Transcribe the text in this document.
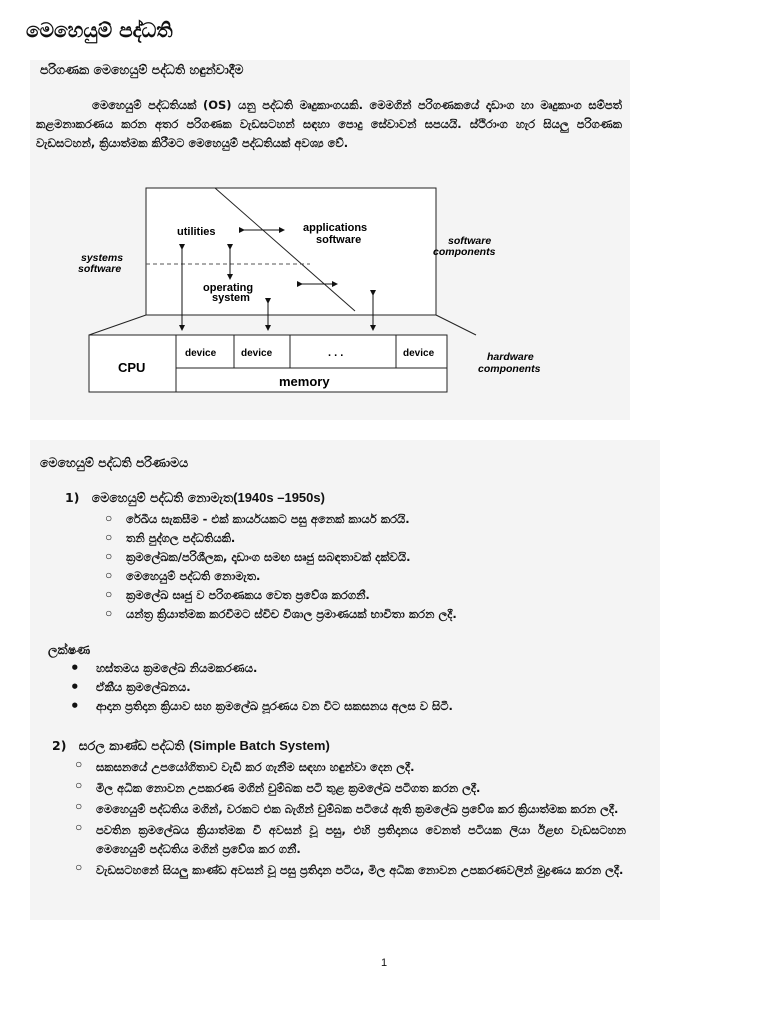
මෙහෙයුම් පද්ධති
පරිගණක මෙහෙයුම් පද්ධති හඳුන්වාදීම
මෙහෙයුම් පද්ධතියක් (OS) යනු පද්ධති මෘදුකාංගයකි. මෙමගින් පරිගණකයේ දෘඩාංග හා මෘදුකාංග සම්පත් කළමනාකරණය කරන අතර පරිගණක වැඩසටහන් සඳහා පොදු සේවාවන් සපයයි. ස්ථිරාංග හැර සියලු පරිගණක වැඩසටහන්, ක්‍රියාත්මක කිරීමට මෙහෙයුම් පද්ධතියක් අවශ්‍ය වේ.
utilities	applications
software
operating
system
systems
software
software
components
hardware
components
CPU
device device	. . .	device
memory
මෙහෙයුම් පද්ධති පරිණාමය
1) මෙහෙයුම් පද්ධති නොමැත(1940s –1950s)
◦ රේඛීය සැකසීම - එක් කාර්යයකට පසු අනෙක් කාර්ය කරයි.
◦ තනි පුද්ගල පද්ධතියකි.
◦ ක්‍රමලේඛක/පරිශීලක, දෘඩාංග සමඟ සෘජු සබඳතාවක් දක්වයි.
◦ මෙහෙයුම් පද්ධති නොමැත.
◦ ක්‍රමලේඛ සෘජු ව පරිගණකය වෙත ප්‍රවේශ කරගනී.
◦ යන්ත්‍ර ක්‍රියාත්මක කරවීමට ස්විච විශාල ප්‍රමාණයක් භාවිතා කරන ලදී.
ලක්ෂණ
• හස්තමය ක්‍රමලේඛ නියමකරණය.
• ඒකීය ක්‍රමලේඛනය.
• ආදාන ප්‍රතිදාන ක්‍රියාව සහ ක්‍රමලේඛ පූරණය වන විට සකසනය අලස ව සිටී.
2) සරල කාණ්ඩ පද්ධති (Simple Batch System)
◦ සකසනයේ උපයෝගිතාව වැඩි කර ගැනීම සඳහා හඳුන්වා දෙන ලදී.
◦ මිල අධික නොවන උපකරණ මගින් චුම්බක පටි තුළ ක්‍රමලේඛ පටිගත කරන ලදී.
◦ මෙහෙයුම් පද්ධතිය මගින්, වරකට එක බැගින් චුම්බක පටියේ ඇති ක්‍රමලේඛ ප්‍රවේශ කර ක්‍රියාත්මක කරන ලදී.
◦ පවතින ක්‍රමලේඛය ක්‍රියාත්මක වී අවසන් වූ පසු, එහි ප්‍රතිදානය වෙනත් පටියක ලියා ඊළඟ වැඩසටහන මෙහෙයුම් පද්ධතිය මගින් ප්‍රවේශ කර ගනී.
◦ වැඩසටහනේ සියලු කාණ්ඩ අවසන් වූ පසු ප්‍රතිදාන පටිය, මිල අධික නොවන උපකරණවලින් මුද්‍රණය කරන ලදී.
1
